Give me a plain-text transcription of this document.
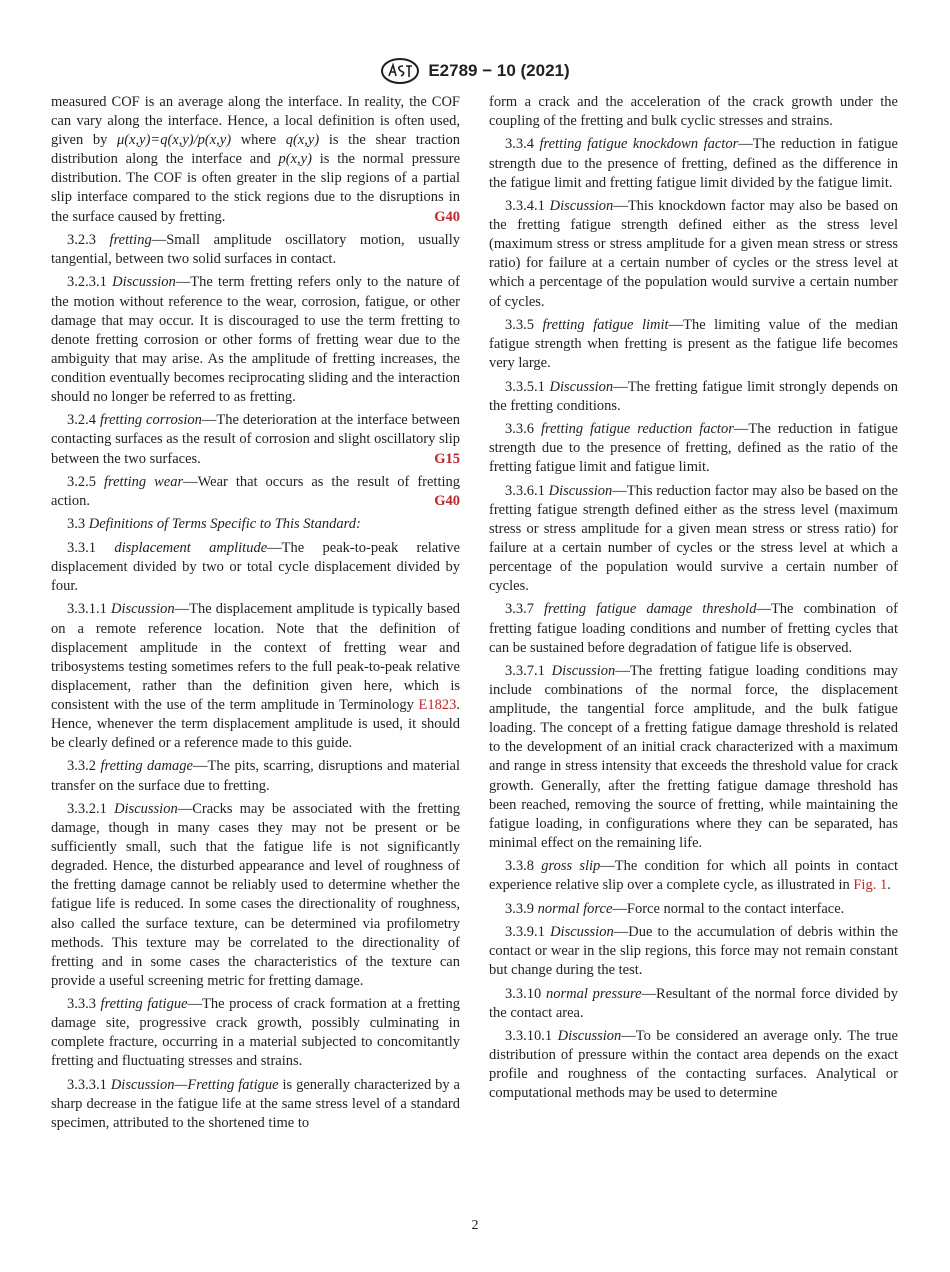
E2789 − 10 (2021)

measured COF is an average along the interface. In reality, the COF can vary along the interface. Hence, a local definition is often used, given by μ(x,y)=q(x,y)/p(x,y) where q(x,y) is the shear traction distribution along the interface and p(x,y) is the normal pressure distribution. The COF is often greater in the slip regions of a partial slip interface compared to the stick regions due to the disruptions in the surface caused by fretting.	G40

3.2.3 fretting—Small amplitude oscillatory motion, usually tangential, between two solid surfaces in contact.

3.2.3.1 Discussion—The term fretting refers only to the nature of the motion without reference to the wear, corrosion, fatigue, or other damage that may occur. It is discouraged to use the term fretting to denote fretting corrosion or other forms of fretting wear due to the ambiguity that may arise. As the amplitude of fretting increases, the condition eventually becomes reciprocating sliding and the interaction should no longer be referred to as fretting.

3.2.4 fretting corrosion—The deterioration at the interface between contacting surfaces as the result of corrosion and slight oscillatory slip between the two surfaces.	G15

3.2.5 fretting wear—Wear that occurs as the result of fretting action.	G40

3.3 Definitions of Terms Specific to This Standard:

3.3.1 displacement amplitude—The peak-to-peak relative displacement divided by two or total cycle displacement divided by four.

3.3.1.1 Discussion—The displacement amplitude is typically based on a remote reference location. Note that the definition of displacement amplitude in the context of fretting wear and tribosystems testing sometimes refers to the full peak-to-peak relative displacement, rather than the definition given here, which is consistent with the use of the term amplitude in Terminology E1823. Hence, whenever the term displacement amplitude is used, it should be clearly defined or a reference made to this guide.

3.3.2 fretting damage—The pits, scarring, disruptions and material transfer on the surface due to fretting.

3.3.2.1 Discussion—Cracks may be associated with the fretting damage, though in many cases they may not be present or be sufficiently small, such that the fatigue life is not significantly degraded. Hence, the disturbed appearance and level of roughness of the fretting damage cannot be reliably used to determine whether the fatigue life is reduced. In some cases the directionality of roughness, also called the surface texture, can be determined via profilometry methods. This texture may be correlated to the directionality of fretting and in some cases the characteristics of the texture can provide a useful screening metric for fretting damage.

3.3.3 fretting fatigue—The process of crack formation at a fretting damage site, progressive crack growth, possibly culminating in complete fracture, occurring in a material subjected to concomitantly fretting and fluctuating stresses and strains.

3.3.3.1 Discussion—Fretting fatigue is generally characterized by a sharp decrease in the fatigue life at the same stress level of a standard specimen, attributed to the shortened time to

form a crack and the acceleration of the crack growth under the coupling of the fretting and bulk cyclic stresses and strains.

3.3.4 fretting fatigue knockdown factor—The reduction in fatigue strength due to the presence of fretting, defined as the difference in the fatigue limit and fretting fatigue limit divided by the fatigue limit.

3.3.4.1 Discussion—This knockdown factor may also be based on the fretting fatigue strength defined either as the stress level (maximum stress or stress amplitude for a given mean stress or stress ratio) for failure at a certain number of cycles or the stress level at which a percentage of the population would survive a certain number of cycles.

3.3.5 fretting fatigue limit—The limiting value of the median fatigue strength when fretting is present as the fatigue life becomes very large.

3.3.5.1 Discussion—The fretting fatigue limit strongly depends on the fretting conditions.

3.3.6 fretting fatigue reduction factor—The reduction in fatigue strength due to the presence of fretting, defined as the ratio of the fretting fatigue limit and fatigue limit.

3.3.6.1 Discussion—This reduction factor may also be based on the fretting fatigue strength defined either as the stress level (maximum stress or stress amplitude for a given mean stress or stress ratio) for failure at a certain number of cycles or the stress level at which a percentage of the population would survive a certain number of cycles.

3.3.7 fretting fatigue damage threshold—The combination of fretting fatigue loading conditions and number of fretting cycles that can be sustained before degradation of fatigue life is observed.

3.3.7.1 Discussion—The fretting fatigue loading conditions may include combinations of the normal force, the displacement amplitude, the tangential force amplitude, and the bulk fatigue loading. The concept of a fretting fatigue damage threshold is related to the development of an initial crack characterized with a maximum and range in stress intensity that exceeds the threshold value for crack growth. Generally, after the fretting fatigue damage threshold has been reached, removing the source of fretting, while maintaining the fatigue loading, in configurations where they can be separated, has minimal effect on the remaining life.

3.3.8 gross slip—The condition for which all points in contact experience relative slip over a complete cycle, as illustrated in Fig. 1.

3.3.9 normal force—Force normal to the contact interface.

3.3.9.1 Discussion—Due to the accumulation of debris within the contact or wear in the slip regions, this force may not remain constant but change during the test.

3.3.10 normal pressure—Resultant of the normal force divided by the contact area.

3.3.10.1 Discussion—To be considered an average only. The true distribution of pressure within the contact area depends on the exact profile and roughness of the contacting surfaces. Analytical or computational methods may be used to determine

2
